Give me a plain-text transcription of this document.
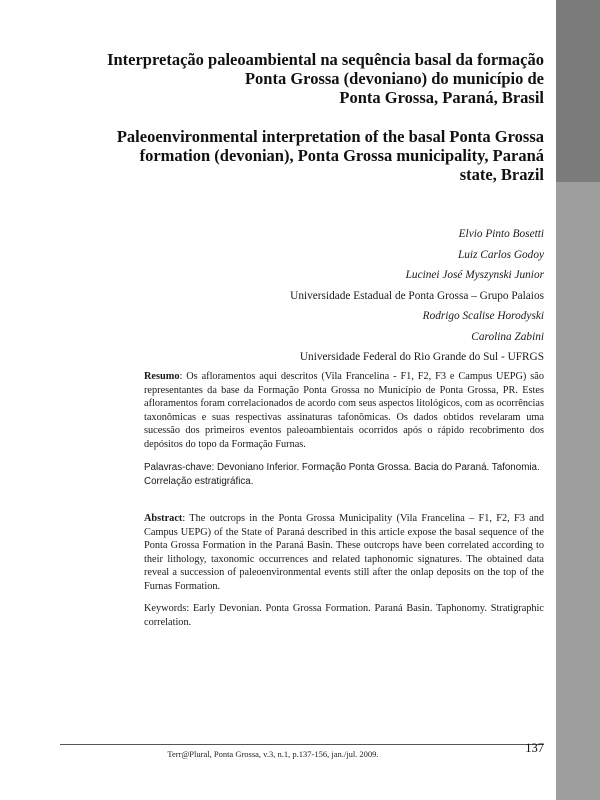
Interpretação paleoambiental na sequência basal da formação
Ponta Grossa (devoniano) do município de
Ponta Grossa, Paraná, Brasil
Paleoenvironmental interpretation of the basal Ponta Grossa
formation (devonian), Ponta Grossa municipality, Paraná
state, Brazil
Elvio Pinto Bosetti
Luiz Carlos Godoy
Lucinei José Myszynski Junior
Universidade Estadual de Ponta Grossa – Grupo Palaios
Rodrigo Scalise Horodyski
Carolina Zabini
Universidade Federal do Rio Grande do Sul - UFRGS
Resumo: Os afloramentos aqui descritos (Vila Francelina - F1, F2, F3 e Campus UEPG) são representantes da base da Formação Ponta Grossa no Município de Ponta Grossa, PR. Estes afloramentos foram correlacionados de acordo com seus aspectos litológicos, com as ocorrências taxonômicas e suas respectivas assinaturas tafonômicas. Os dados obtidos revelaram uma sucessão dos primeiros eventos paleoambientais ocorridos após o rápido recobrimento dos depósitos do topo da Formação Furnas.
Palavras-chave: Devoniano Inferior. Formação Ponta Grossa. Bacia do Paraná. Tafonomia. Correlação estratigráfica.
Abstract: The outcrops in the Ponta Grossa Municipality (Vila Francelina – F1, F2, F3 and Campus UEPG) of the State of Paraná described in this article expose the basal sequence of the Ponta Grossa Formation in the Paraná Basin. These outcrops have been correlated according to their lithology, taxonomic occurrences and related taphonomic signatures. The obtained data reveal a succession of paleoenvironmental events still after the onlap deposits on the top of the Furnas Formation.
Keywords: Early Devonian. Ponta Grossa Formation. Paraná Basin. Taphonomy. Stratigraphic correlation.
Terr@Plural, Ponta Grossa, v.3, n.1, p.137-156, jan./jul. 2009.	137
